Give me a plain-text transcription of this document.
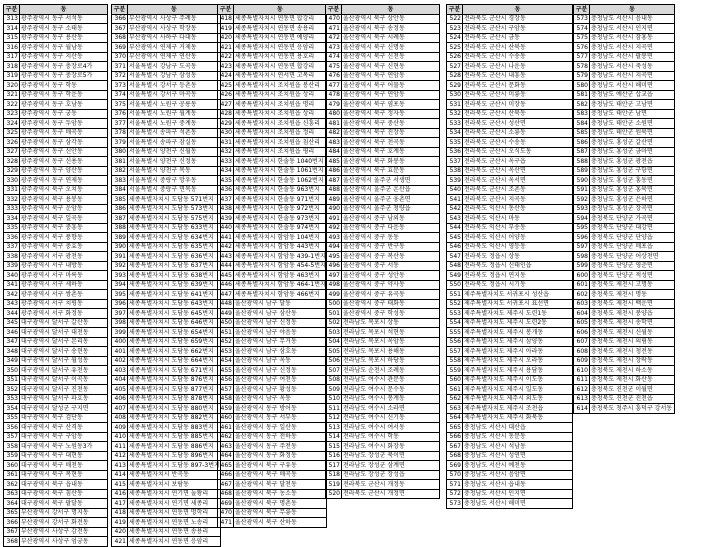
구분	동
313	광주광역시 동구 서석동
314	광주광역시 동구 소태동
315	광주광역시 동구 용산동
316	광주광역시 동구 월남동
317	광주광역시 동구 지산동
318	광주광역시 동구 충장로4가
319	광주광역시 동구 충장로5가
320	광주광역시 동구 학동
321	광주광역시 동구 학운동
322	광주광역시 동구 호남동
323	광주광역시 동구 궁동
324	광주광역시 동구 두암동
325	광주광역시 동구 매곡동
326	광주광역시 동구 삼각동
327	광주광역시 동구 신안동
328	광주광역시 동구 신용동
329	광주광역시 동구 양산동
330	광주광역시 동구 연제동
331	광주광역시 북구 오치동
332	광주광역시 북구 용봉동
333	광주광역시 북구 운암동
334	광주광역시 북구 일곡동
335	광주광역시 북구 중흥동
336	광주광역시 북구 풍향동
337	광주광역시 북구 충효동
338	광주광역시 서구 광천동
339	광주광역시 서구 내방동
340	광주광역시 서구 마륵동
341	광주광역시 서구 세하동
342	광주광역시 서구 쌍촌동
343	광주광역시 서구 치평동
344	광주광역시 서구 화정동
345	대구광역시 달서구 갈산동
346	대구광역시 달서구 대천동
347	대구광역시 달서구 본리동
348	대구광역시 달서구 송현동
349	대구광역시 달서구 월성동
350	대구광역시 달서구 유천동
351	대구광역시 달서구 이곡동
352	대구광역시 달서구 진천동
353	대구광역시 달서구 파호동
354	대구광역시 달성군 구지면
355	대구광역시 북구 검단동
356	대구광역시 북구 산격동
357	대구광역시 북구 구암동
358	대구광역시 북구 노원동3가
359	대구광역시 북구 대현동
360	대구광역시 북구 매천동
361	대구광역시 북구 복현동
362	대구광역시 북구 읍내동
363	대구광역시 북구 침산동
364	대구광역시 북구 팔달동
365	부산광역시 강서구 명지동
366	부산광역시 강서구 화전동
367	부산광역시 사상구 감전동
368	부산광역시 사상구 엄궁동
구분	동
366	부산광역시 사상구 주례동
367	부산광역시 사상구 학장동
368	부산광역시 사하구 다대동
369	부산광역시 연제구 거제동
370	부산광역시 연제구 연산동
371	서울특별시 강남구 도곡동
372	서울특별시 강남구 삼성동
373	서울특별시 강서구 등촌동
374	서울특별시 강서구 마곡동
375	서울특별시 노원구 공릉동
376	서울특별시 노원구 월계동
377	서울특별시 노원구 중계동
378	서울특별시 송파구 석촌동
379	서울특별시 송파구 잠실동
380	서울특별시 양천구 신월동
381	서울특별시 양천구 신정동
382	서울특별시 양천구 목동
383	서울특별시 중랑구 망우동
384	서울특별시 중랑구 면목동
385	세종특별자치시 도담동 571번지
386	세종특별자치시 도담동 573번지
387	세종특별자치시 도담동 575번지
388	세종특별자치시 도담동 633번지
389	세종특별자치시 도담동 634번지
390	세종특별자치시 도담동 635번지
391	세종특별자치시 도담동 636번지
392	세종특별자치시 도담동 637번지
393	세종특별자치시 도담동 638번지
394	세종특별자치시 도담동 639번지
395	세종특별자치시 도담동 641번지
396	세종특별자치시 도담동 643번지
397	세종특별자치시 도담동 645번지
398	세종특별자치시 도담동 646번지
399	세종특별자치시 도담동 654번지
400	세종특별자치시 도담동 659번지
401	세종특별자치시 도담동 662번지
402	세종특별자치시 도담동 664번지
403	세종특별자치시 도담동 671번지
404	세종특별자치시 도담동 876번지
405	세종특별자치시 도담동 877번지
406	세종특별자치시 도담동 878번지
407	세종특별자치시 도담동 880번지
408	세종특별자치시 도담동 882번지
409	세종특별자치시 도담동 883번지
410	세종특별자치시 도담동 885번지
411	세종특별자치시 도담동 886번지
412	세종특별자치시 도담동 896번지
413	세종특별자치시 도담동 897-3번지
414	세종특별자치시 반곡동
415	세종특별자치시 보람동
416	세종특별자치시 연기면 눌왕리
417	세종특별자치시 연기면 세종리
418	세종특별자치시 연동면 명학리
419	세종특별자치시 연동면 노송리
420	세종특별자치시 연동면 송용리
421	세종특별자치시 연동면 응암리
구분	동
418	세종특별자치시 연동면 합강리
419	세종특별자치시 연동면 송용리
420	세종특별자치시 연동면 예양리
421	세종특별자치시 연동면 응암리
422	세종특별자치시 연동면 용호리
423	세종특별자치시 연동면 합강리
424	세종특별자치시 연서면 고복리
425	세종특별자치시 조치원읍 봉산리
426	세종특별자치시 조치원읍 상리
427	세종특별자치시 조치원읍 명리
428	세종특별자치시 조치원읍 상리
429	세종특별자치시 조치원읍 신흥리
430	세종특별자치시 조치원읍 정리
431	세종특별자치시 조치원읍 침산리
432	세종특별자치시 조치원읍 평리
433	세종특별자치시 한솔동 1040번지
434	세종특별자치시 한솔동 1061번지
435	세종특별자치시 한솔동 1062번지
436	세종특별자치시 한솔동 963번지
437	세종특별자치시 한솔동 971번지
438	세종특별자치시 한솔동 972번지
439	세종특별자치시 한솔동 973번지
440	세종특별자치시 한솔동 974번지
441	세종특별자치시 함암동 104번지
442	세종특별자치시 함암동 443번지
443	세종특별자치시 함암동 439-1번지
444	세종특별자치시 함암동 454-5번지
445	세종특별자치시 함암동 463번지
446	세종특별자치시 함암동 464-1번지
447	세종특별자치시 함암동 466번지
448	울산광역시 남구 달동
449	울산광역시 남구 삼산동
450	울산광역시 남구 신정동
451	울산광역시 남구 야음동
452	울산광역시 남구 무거동
453	울산광역시 남구 삼호동
454	울산광역시 남구 옥동
455	울산광역시 남구 신정동
456	울산광역시 남구 여천동
457	울산광역시 남구 황성동
458	울산광역시 남구 옥동
459	울산광역시 동구 방어동
460	울산광역시 동구 서부동
461	울산광역시 동구 일산동
462	울산광역시 동구 전하동
463	울산광역시 동구 주전동
464	울산광역시 동구 화정동
465	울산광역시 북구 구유동
466	울산광역시 북구 매곡동
467	울산광역시 북구 달천동
468	울산광역시 북구 농소동
469	울산광역시 북구 명촌동
470	울산광역시 북구 무룡동
471	울산광역시 북구 산하동
구분	동
470	울산광역시 북구 상안동
471	울산광역시 북구 송정동
472	울산광역시 북구 시례동
473	울산광역시 북구 신명동
474	울산광역시 북구 신천동
475	울산광역시 북구 신현동
476	울산광역시 북구 연암동
477	울산광역시 북구 어물동
478	울산광역시 북구 연암동
479	울산광역시 북구 염포동
480	울산광역시 북구 정자동
481	울산광역시 북구 중산동
482	울산광역시 북구 진장동
483	울산광역시 북구 천곡동
484	울산광역시 북구 호계동
485	울산광역시 북구 화봉동
486	울산광역시 북구 효문동
487	울산광역시 울주군 서생면
488	울산광역시 울주군 온산읍
489	울산광역시 울주군 웅촌면
490	울산광역시 울주군 청량읍
491	울산광역시 중구 남외동
492	울산광역시 중구 다운동
493	울산광역시 중구 동동
494	울산광역시 중구 반구동
495	울산광역시 중구 복산동
496	울산광역시 중구 서동
497	울산광역시 중구 성안동
498	울산광역시 중구 약사동
499	울산광역시 중구 유곡동
500	울산광역시 중구 태화동
501	울산광역시 중구 학성동
502	전라남도 목포시 상동
503	전라남도 목포시 석현동
504	전라남도 목포시 옥암동
505	전라남도 목포시 용해동
506	전라남도 목포시 하당동
507	전라남도 순천시 조례동
508	전라남도 여수시 관문동
509	전라남도 여수시 문수동
510	전라남도 여수시 봉계동
511	전라남도 여수시 소라면
512	전라남도 여수시 신기동
513	전라남도 여수시 여서동
514	전라남도 여수시 학동
515	전라남도 여수시 화장동
516	전라남도 장성군 북이면
517	전라남도 장성군 삼계면
518	전라남도 장성군 장성읍
519	전라북도 군산시 개정동
520	전라북도 군산시 개정면
구분	동
522	전라북도 군산시 경장동
523	전라북도 군산시 구암동
524	전라북도 군산시 금동
525	전라북도 군산시 산북동
526	전라북도 군산시 수송동
527	전라북도 군산시 나운동
528	전라북도 군산시 내흥동
529	전라북도 군산시 문화동
530	전라북도 군산시 미룡동
531	전라북도 군산시 미장동
532	전라북도 군산시 산북동
533	전라북도 군산시 성산면
534	전라북도 군산시 소룡동
535	전라북도 군산시 수송동
536	전라북도 군산시 오식도동
537	전라북도 군산시 옥구읍
538	전라북도 군산시 옥산면
539	전라북도 군산시 옥서면
540	전라북도 군산시 조촌동
541	전라북도 군산시 지곡동
542	전라북도 익산시 동산동
543	전라북도 익산시 마동
544	전라북도 익산시 부송동
545	전라북도 익산시 어양동
546	전라북도 익산시 영등동
547	전라북도 정읍시 상동
548	전라북도 정읍시 신태인읍
549	전라북도 정읍시 연지동
550	전라북도 정읍시 시기동
551	제주특별자치도 서귀포시 성산읍
552	제주특별자치도 서귀포시 표선면
553	제주특별자치도 제주시 도련1동
554	제주특별자치도 제주시 도련2동
555	제주특별자치도 제주시 봉개동
556	제주특별자치도 제주시 삼양동
557	제주특별자치도 제주시 아라동
558	제주특별자치도 제주시 오라동
559	제주특별자치도 제주시 용담동
560	제주특별자치도 제주시 이도동
561	제주특별자치도 제주시 일도동
562	제주특별자치도 제주시 외도동
563	제주특별자치도 제주시 조천읍
564	제주특별자치도 제주시 화북동
565	충청남도 서산시 대산읍
566	충청남도 서산시 동문동
567	충청남도 서산시 석남동
568	충청남도 서산시 성연면
569	충청남도 서산시 예천동
570	충청남도 서산시 음암면
571	충청남도 서산시 읍내동
572	충청남도 서산시 인지면
573	충청남도 서산시 해미면
구분	동
573	충청남도 서산시 음내동
574	충청남도 서산시 인지면
575	충청남도 서산시 잠홍동
576	충청남도 서산시 지곡면
577	충청남도 서산시 팔봉면
578	충청남도 서산시 죽성동
579	충청남도 서산시 지곡면
580	충청남도 서산시 해미면
581	충청남도 예산군 삽교읍
582	충청남도 태안군 고남면
583	충청남도 태안군 남면
584	충청남도 태안군 소원면
585	충청남도 태안군 원북면
586	충청남도 홍성군 갈산면
587	충청남도 홍성군 금마면
588	충청남도 홍성군 광천읍
589	충청남도 홍성군 구항면
590	충청남도 홍성군 홍동면
591	충청남도 홍성군 홍북면
592	충청남도 홍성군 은하면
593	충청남도 홍성군 장곡면
594	충청북도 단양군 가곡면
595	충청북도 단양군 대강면
596	충청북도 단양군 단양읍
597	충청북도 단양군 매포읍
598	충청북도 단양군 어상천면
599	충청북도 단양군 영춘면
600	충청북도 단양군 적성면
601	충청북도 제천시 고명동
602	충청북도 제천시 명동
603	충청북도 제천시 백운면
604	충청북도 제천시 봉양읍
605	충청북도 제천시 송학면
606	충청북도 제천시 신월동
607	충청북도 제천시 의림동
608	충청북도 제천시 청전동
609	충청북도 제천시 장락동
610	충청북도 제천시 하소동
611	충청북도 제천시 화산동
612	충청북도 진천군 이월면
613	충청북도 진천군 진천읍
614	충청북도 청주시 흥덕구 강서동
